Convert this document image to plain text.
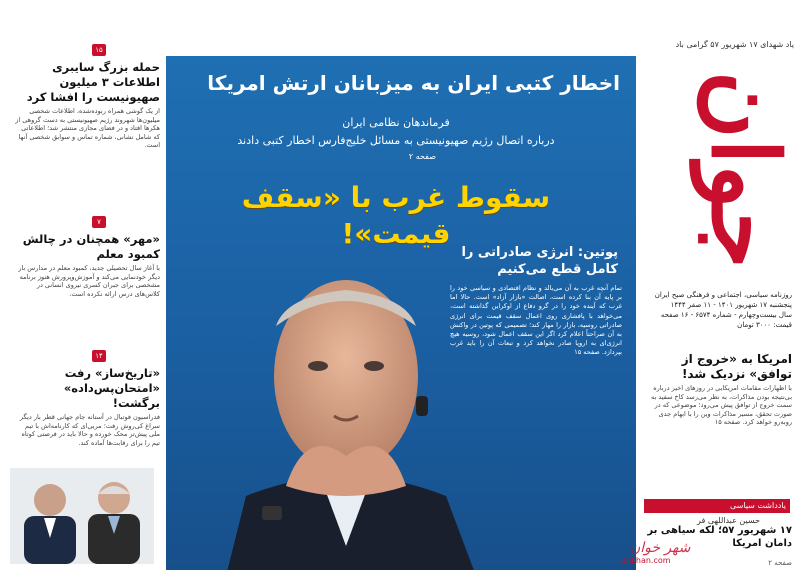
۱۵
حمله بزرگ سایبری اطلاعات ۳ میلیون صهیونیست را افشا کرد

از یک گوشی همراه ربوده‌شده، اطلاعات شخصی میلیون‌ها شهروند رژیم صهیونیستی به دست گروهی از هکرها افتاد و در فضای مجازی منتشر شد؛ اطلاعاتی که شامل نشانی، شماره تماس و سوابق شخصی آنها است.

۷
«مهر» همچنان در چالش کمبود معلم

با آغاز سال تحصیلی جدید، کمبود معلم در مدارس بار دیگر خودنمایی می‌کند و آموزش‌وپرورش هنوز برنامه مشخصی برای جبران کسری نیروی انسانی در کلاس‌های درس ارائه نکرده است.

۱۴
«تاریخ‌ساز» رفت «امتحان‌پس‌داده» برگشت!

فدراسیون فوتبال در آستانه جام جهانی قطر بار دیگر سراغ کی‌روش رفت؛ مربی‌ای که کارنامه‌اش با تیم ملی پیش‌تر محک خورده و حالا باید در فرصتی کوتاه تیم را برای رقابت‌ها آماده کند.

اخطار کتبی ایران به میزبانان ارتش امریکا
فرماندهان نظامی ایران
درباره اتصال رژیم صهیونیستی به مسائل خلیج‌فارس اخطار کتبی دادند
صفحه ۲
سقوط غرب با «سقف قیمت»!
پوتین: انرژی صادراتی را کامل قطع می‌کنیم
تمام آنچه غرب به آن می‌بالد و نظام اقتصادی و سیاسی خود را بر پایه آن بنا کرده است، اصالت «بازار آزاد» است. حالا اما غرب که آینده خود را در گرو دفاع از اوکراین گذاشته است، می‌خواهد با پافشاری روی اعمال سقف قیمت برای انرژی صادراتی روسیه، بازار را مهار کند؛ تصمیمی که پوتین در واکنش به آن صراحتاً اعلام کرد اگر این سقف اعمال شود، روسیه هیچ انرژی‌ای به اروپا صادر نخواهد کرد و تبعات آن را باید غرب بپردازد. صفحه ۱۵
یاد شهدای ۱۷ شهریور ۵۷ گرامی باد
جوان
روزنامه سیاسی، اجتماعی و فرهنگی صبح ایران
پنجشنبه ۱۷ شهریور ۱۴۰۱ - ۱۱ صفر ۱۴۴۴
سال بیست‌وچهارم - شماره ۶۵۷۴ - ۱۶ صفحه
قیمت: ۳۰۰۰ تومان
امریکا به «خروج از توافق» نزدیک شد!

با اظهارات مقامات امریکایی در روزهای اخیر درباره بی‌نتیجه بودن مذاکرات، به نظر می‌رسد کاخ سفید به سمت خروج از توافق پیش می‌رود؛ موضوعی که در صورت تحقق، مسیر مذاکرات وین را با ابهام جدی روبه‌رو خواهد کرد. صفحه ۱۵

یادداشت سیاسی
حسین عبداللهی فر
۱۷ شهریور ۵۷؛ لکه سیاهی بر دامان امریکا
صفحه ۲
شهر خوان
shkhan.com
